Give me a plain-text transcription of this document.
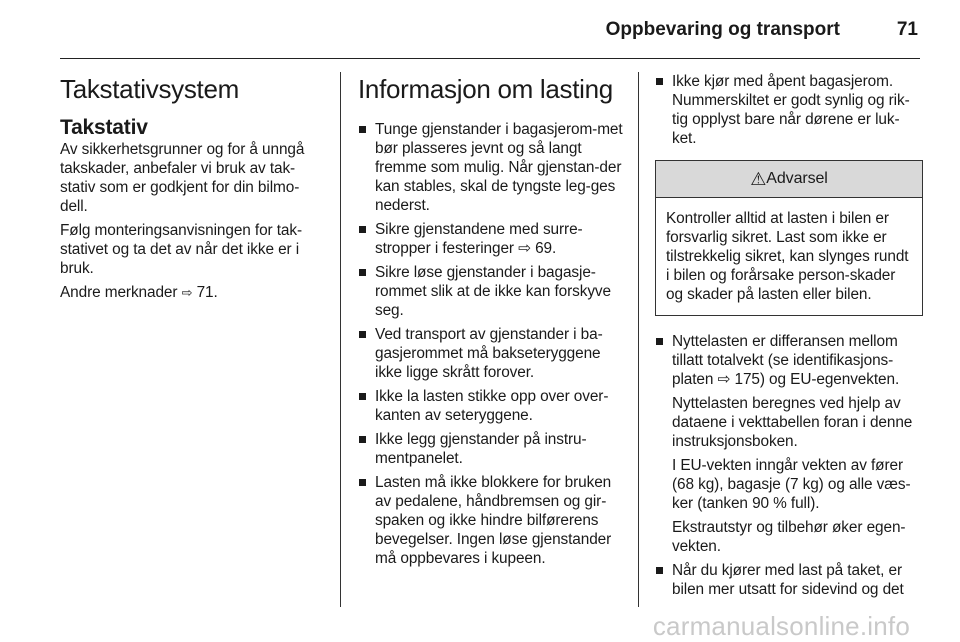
Oppbevaring og transport	71
Takstativsystem
Takstativ

Av sikkerhetsgrunner og for å unngå takskader, anbefaler vi bruk av tak-stativ som er godkjent for din bilmo-dell.

Følg monteringsanvisningen for tak-stativet og ta det av når det ikke er i bruk.

Andre merknader ⇨ 71.

Informasjon om lasting
Tunge gjenstander i bagasjerom-met bør plasseres jevnt og så langt fremme som mulig. Når gjenstan-der kan stables, skal de tyngste leg-ges nederst.
Sikre gjenstandene med surre-stropper i festeringer ⇨ 69.
Sikre løse gjenstander i bagasje-rommet slik at de ikke kan forskyve seg.
Ved transport av gjenstander i ba-gasjerommet må bakseteryggene ikke ligge skrått forover.
Ikke la lasten stikke opp over over-kanten av seteryggene.
Ikke legg gjenstander på instru-mentpanelet.
Lasten må ikke blokkere for bruken av pedalene, håndbremsen og gir-spaken og ikke hindre bilførerens bevegelser. Ingen løse gjenstander må oppbevares i kupeen.
Ikke kjør med åpent bagasjerom. Nummerskiltet er godt synlig og rik-tig opplyst bare når dørene er luk-ket.
⚠Advarsel
Kontroller alltid at lasten i bilen er forsvarlig sikret. Last som ikke er tilstrekkelig sikret, kan slynges rundt i bilen og forårsake person-skader og skader på lasten eller bilen.

Nyttelasten er differansen mellom tillatt totalvekt (se identifikasjons-platen ⇨ 175) og EU-egenvekten.

Nyttelasten beregnes ved hjelp av dataene i vekttabellen foran i denne instruksjonsboken.

I EU-vekten inngår vekten av fører (68 kg), bagasje (7 kg) og alle væs-ker (tanken 90 % full).

Ekstrautstyr og tilbehør øker egen-vekten.

Når du kjører med last på taket, er bilen mer utsatt for sidevind og det
carmanualsonline.info
